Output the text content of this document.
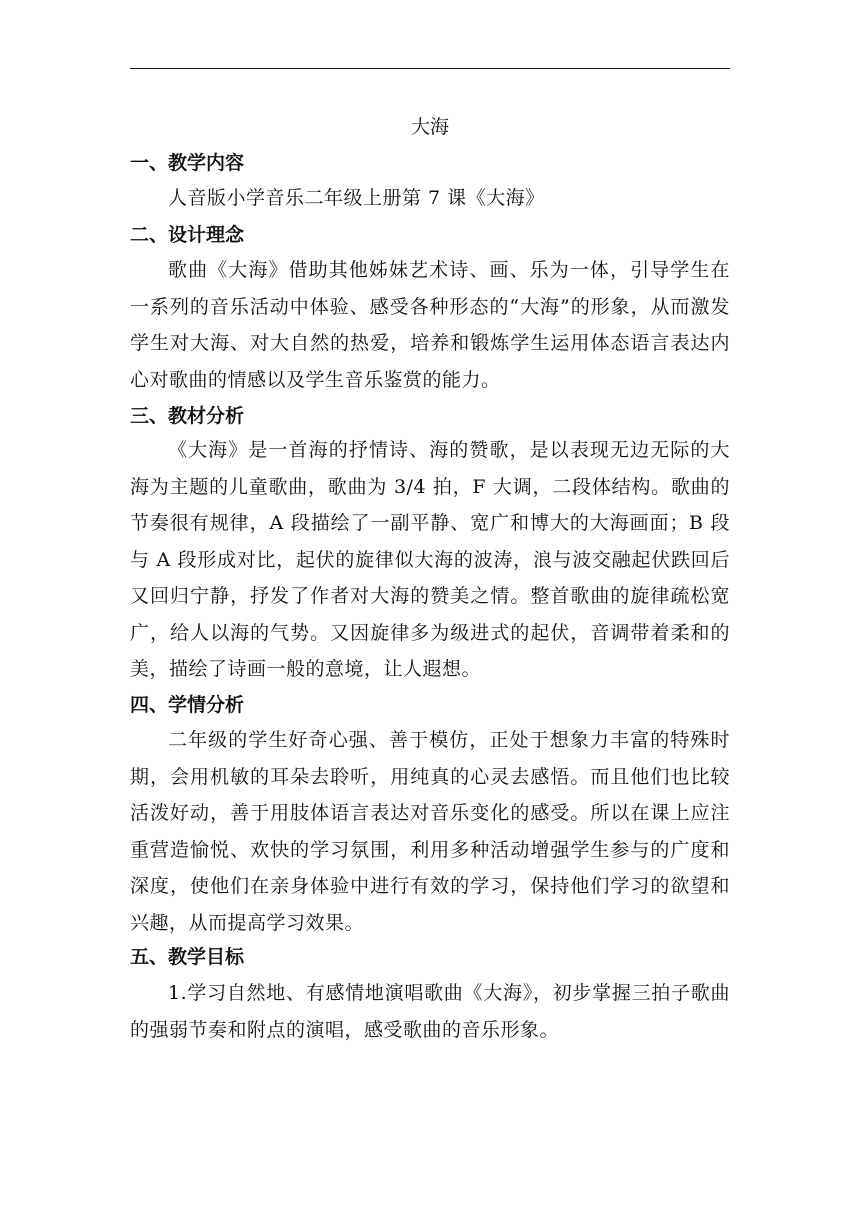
大海
一、教学内容
人音版小学音乐二年级上册第 7 课《大海》
二、设计理念
歌曲《大海》借助其他姊妹艺术诗、画、乐为一体，引导学生在一系列的音乐活动中体验、感受各种形态的“大海”的形象，从而激发学生对大海、对大自然的热爱，培养和锻炼学生运用体态语言表达内心对歌曲的情感以及学生音乐鉴赏的能力。
三、教材分析
《大海》是一首海的抒情诗、海的赞歌，是以表现无边无际的大海为主题的儿童歌曲，歌曲为 3/4 拍，F 大调，二段体结构。歌曲的节奏很有规律，A 段描绘了一副平静、宽广和博大的大海画面；B 段与 A 段形成对比，起伏的旋律似大海的波涛，浪与波交融起伏跌回后又回归宁静，抒发了作者对大海的赞美之情。整首歌曲的旋律疏松宽广，给人以海的气势。又因旋律多为级进式的起伏，音调带着柔和的美，描绘了诗画一般的意境，让人遐想。
四、学情分析
二年级的学生好奇心强、善于模仿，正处于想象力丰富的特殊时期，会用机敏的耳朵去聆听，用纯真的心灵去感悟。而且他们也比较活泼好动，善于用肢体语言表达对音乐变化的感受。所以在课上应注重营造愉悦、欢快的学习氛围，利用多种活动增强学生参与的广度和深度，使他们在亲身体验中进行有效的学习，保持他们学习的欲望和兴趣，从而提高学习效果。
五、教学目标
1.学习自然地、有感情地演唱歌曲《大海》，初步掌握三拍子歌曲的强弱节奏和附点的演唱，感受歌曲的音乐形象。
